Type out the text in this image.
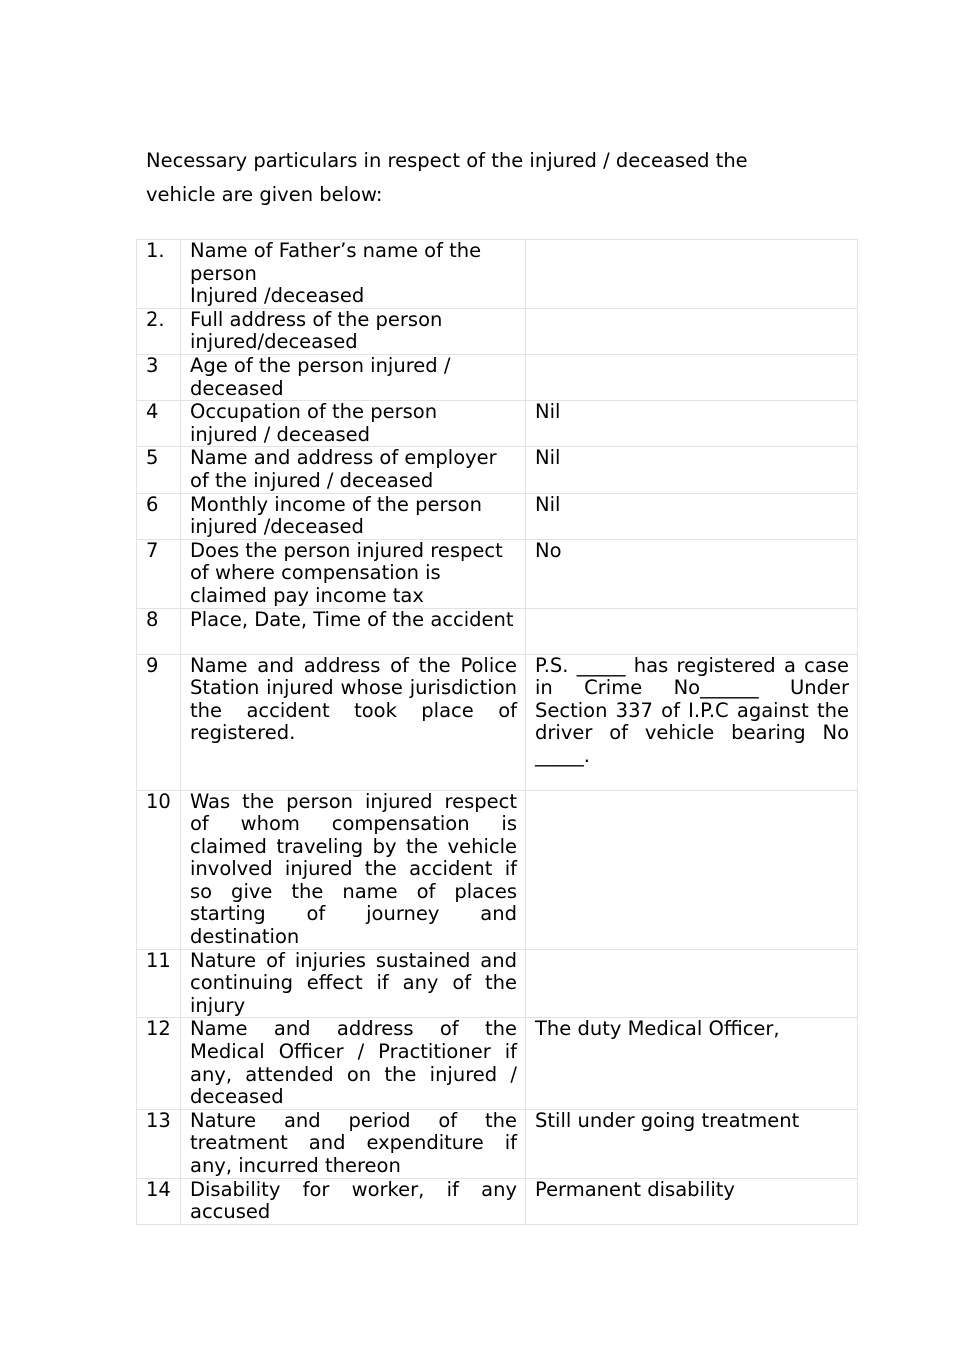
Necessary particulars in respect of the injured / deceased the
vehicle are given below:

1.	Name of Father’s name of the
person
Injured /deceased	
2.	Full address of the person
injured/deceased	
3	Age of the person injured /
deceased	
4	Occupation of the person
injured / deceased	Nil
5	Name and address of employer
of the injured / deceased	Nil
6	Monthly income of the person
injured /deceased	Nil
7	Does the person injured respect
of where compensation is
claimed pay income tax	No
8	Place, Date, Time of the accident	
9	Name and address of the Police Station injured whose jurisdiction the accident took place of registered.	P.S. _____ has registered a case in Crime No______ Under Section 337 of I.P.C against the driver of vehicle bearing No _____.
10	Was the person injured respect of whom compensation is claimed traveling by the vehicle involved injured the accident if so give the name of places starting of journey and destination	
11	Nature of injuries sustained and continuing effect if any of the injury	
12	Name and address of the Medical Officer / Practitioner if any, attended on the injured / deceased	The duty Medical Officer,
13	Nature and period of the treatment and expenditure if any, incurred thereon	Still under going treatment
14	Disability for worker, if any accused	Permanent disability
